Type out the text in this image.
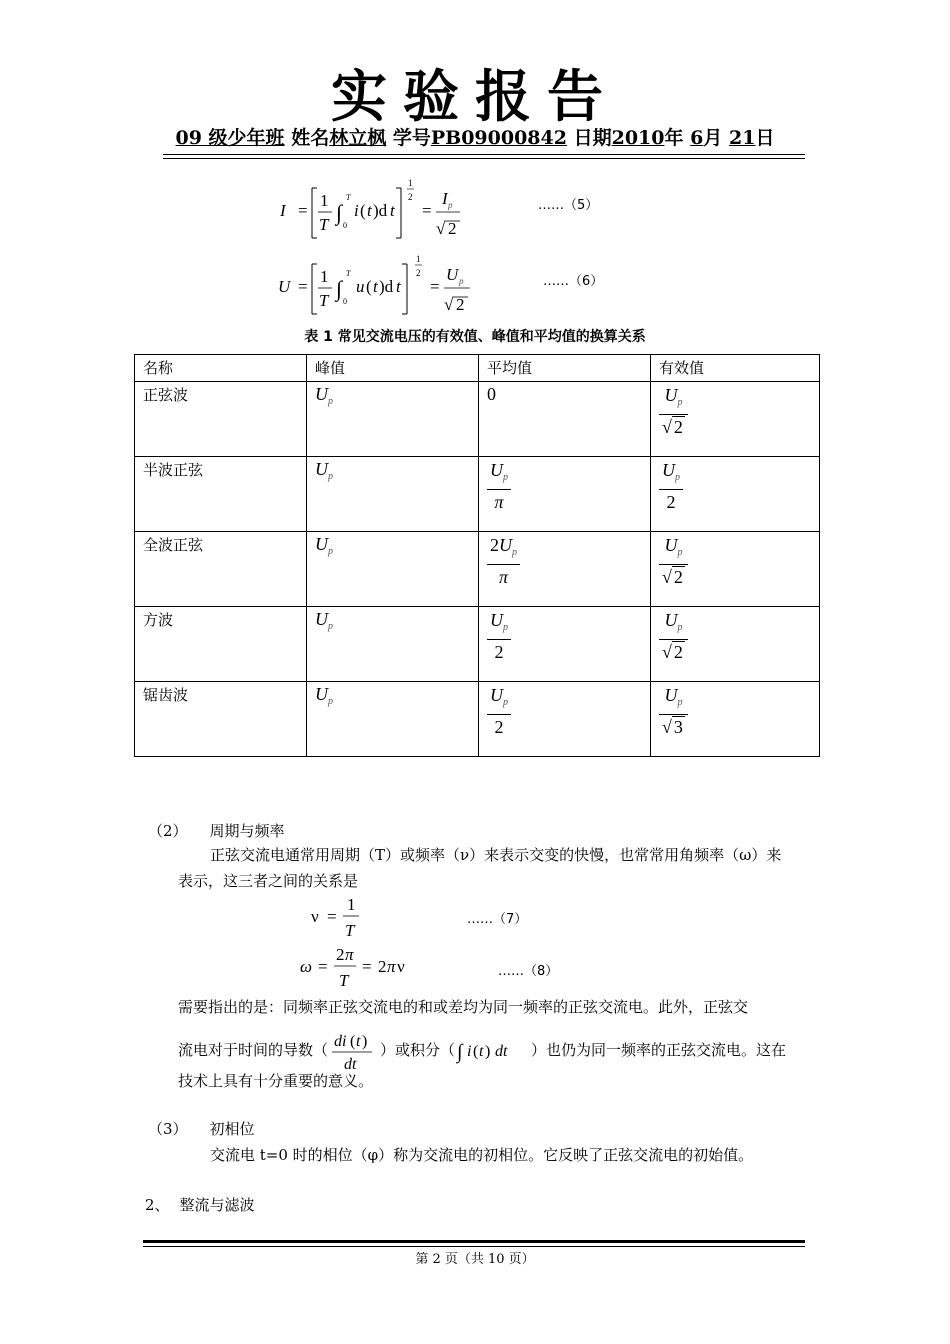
实验报告
09 级少年班 姓名林立枫 学号PB09000842 日期2010年 6月 21日
I =
1
T ∫
T
0
i ( t )d t
1
2
=
I p
√ 2
……（5）
U =
1
T ∫
T
0
u ( t )d t
1
2
=
U p
√ 2
……（6）
表 1 常见交流电压的有效值、峰值和平均值的换算关系
名称	峰值	平均值	有效值
正弦波	$U_p$	0	$\frac{U_p}{√ 2}$

半波正弦	$U_p$	$\frac{U_p}{\pi}$	$\frac{U_p}{2}$

全波正弦	$U_p$	$\frac{2U_p}{\pi}$	$\frac{U_p}{√ 2}$

方波	$U_p$	$\frac{U_p}{2}$	$\frac{U_p}{√ 2}$

锯齿波	$U_p$	$\frac{U_p}{2}$	$\frac{U_p}{√ 3}$
（2） 周期与频率
正弦交流电通常用周期（T）或频率（ν）来表示交变的快慢，也常常用角频率（ω）来
表示，这三者之间的关系是
ν =
1
T
……（7）
ω =
2 π
T
= 2 π ν	……（8）
需要指出的是：同频率正弦交流电的和或差均为同一频率的正弦交流电。此外，正弦交
流电对于时间的导数（ di ( t )
dt
）或积分（ ∫ i ( t ) dt ）也仍为同一频率的正弦交流电。这在
技术上具有十分重要的意义。
（3） 初相位
交流电 t=0 时的相位（φ）称为交流电的初相位。它反映了正弦交流电的初始值。
2、 整流与滤波
第 2 页（共 10 页）
